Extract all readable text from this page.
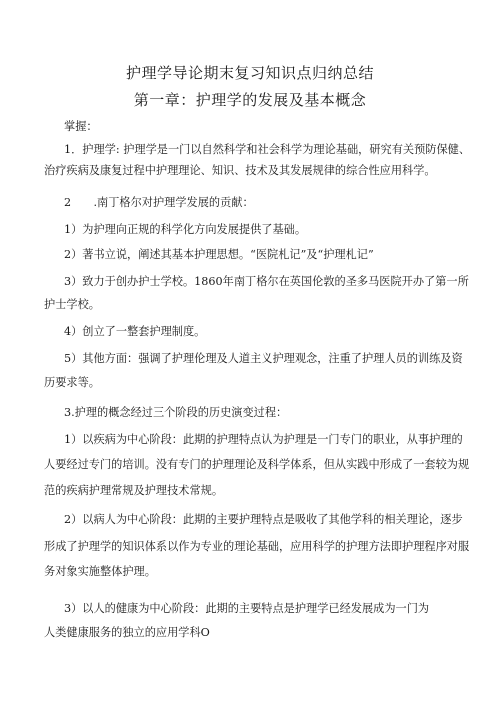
护理学导论期末复习知识点归纳总结
第一章：护理学的发展及基本概念
掌握：
1．护理学: 护理学是一门以自然科学和社会科学为理论基础，研究有关预防保健、
治疗疾病及康复过程中护理理论、知识、技术及其发展规律的综合性应用科学。
2　　.南丁格尔对护理学发展的贡献：
1）为护理向正规的科学化方向发展提供了基础。
2）著书立说，阐述其基本护理思想。“医院札记”及“护理札记”
3）致力于创办护士学校。1860年南丁格尔在英国伦敦的圣多马医院开办了第一所
护士学校。
4）创立了一整套护理制度。
5）其他方面：强调了护理伦理及人道主义护理观念，注重了护理人员的训练及资
历要求等。
3.护理的概念经过三个阶段的历史演变过程：
1）以疾病为中心阶段：此期的护理特点认为护理是一门专门的职业，从事护理的
人要经过专门的培训。没有专门的护理理论及科学体系，但从实践中形成了一套较为规
范的疾病护理常规及护理技术常规。
2）以病人为中心阶段：此期的主要护理特点是吸收了其他学科的相关理论，逐步
形成了护理学的知识体系以作为专业的理论基础，应用科学的护理方法即护理程序对服
务对象实施整体护理。
3）以人的健康为中心阶段：此期的主要特点是护理学已经发展成为一门为
人类健康服务的独立的应用学科O
